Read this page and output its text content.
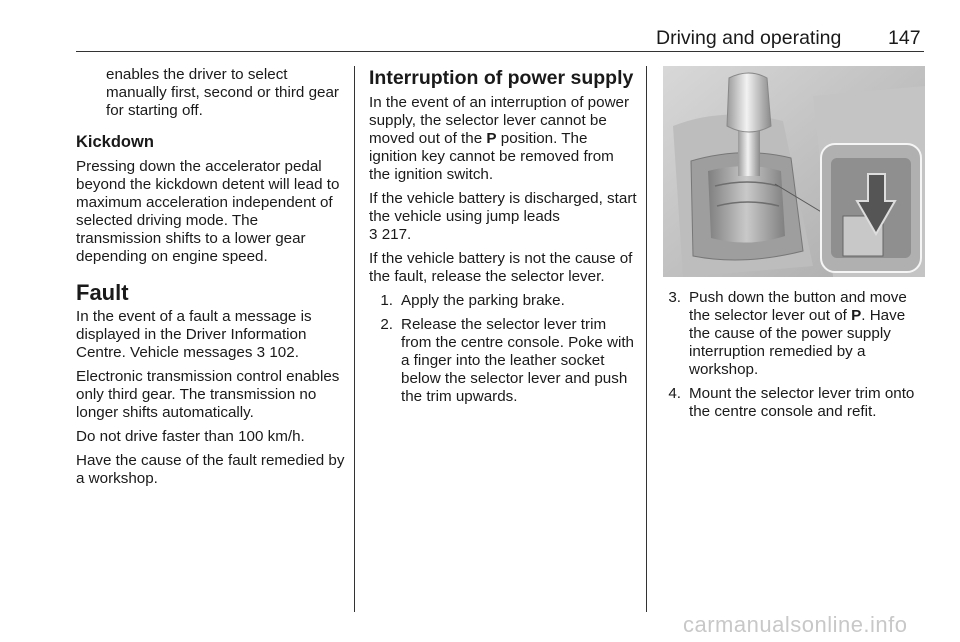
Driving and operating 147

enables the driver to select manually first, second or third gear for starting off.

Kickdown

Pressing down the accelerator pedal beyond the kickdown detent will lead to maximum acceleration independent of selected driving mode. The transmission shifts to a lower gear depending on engine speed.

Fault

In the event of a fault a message is displayed in the Driver Information Centre. Vehicle messages 3 102.

Electronic transmission control enables only third gear. The transmission no longer shifts automatically.

Do not drive faster than 100 km/h.

Have the cause of the fault remedied by a workshop.

Interruption of power supply

In the event of an interruption of power supply, the selector lever cannot be moved out of the P position. The ignition key cannot be removed from the ignition switch.

If the vehicle battery is discharged, start the vehicle using jump leads
3 217.

If the vehicle battery is not the cause of the fault, release the selector lever.

1. Apply the parking brake.
2. Release the selector lever trim from the centre console. Poke with a finger into the leather socket below the selector lever and push the trim upwards.
3. Push down the button and move the selector lever out of P. Have the cause of the power supply interruption remedied by a workshop.
4. Mount the selector lever trim onto the centre console and refit.
carmanualsonline.info
